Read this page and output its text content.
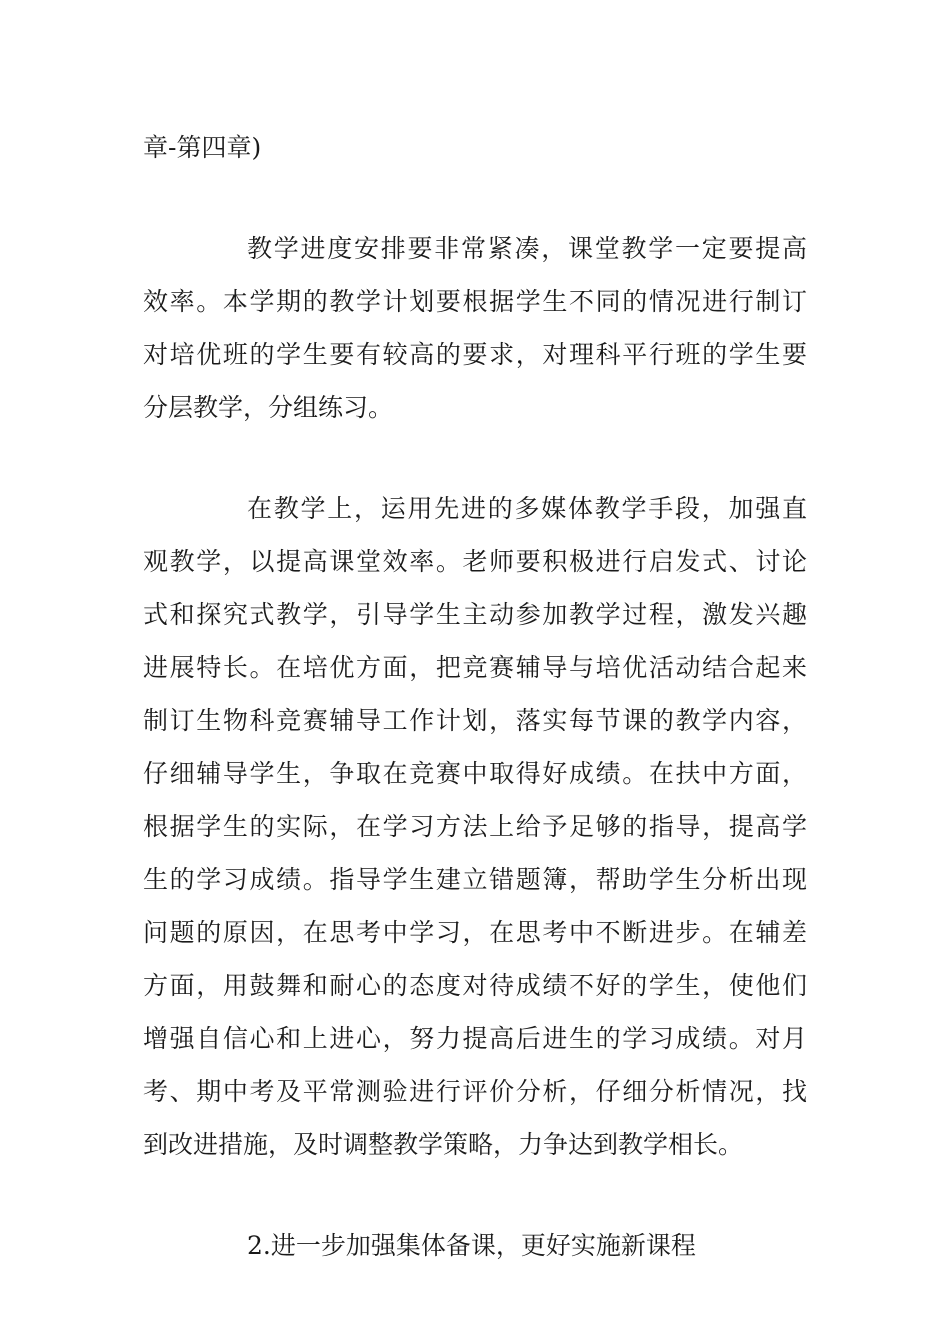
章-第四章)
教学进度安排要非常紧凑，课堂教学一定要提高
效率。本学期的教学计划要根据学生不同的情况进行制订
对培优班的学生要有较高的要求，对理科平行班的学生要
分层教学，分组练习。
在教学上，运用先进的多媒体教学手段，加强直
观教学，以提高课堂效率。老师要积极进行启发式、讨论
式和探究式教学，引导学生主动参加教学过程，激发兴趣
进展特长。在培优方面，把竞赛辅导与培优活动结合起来
制订生物科竞赛辅导工作计划，落实每节课的教学内容，
仔细辅导学生，争取在竞赛中取得好成绩。在扶中方面，
根据学生的实际，在学习方法上给予足够的指导，提高学
生的学习成绩。指导学生建立错题簿，帮助学生分析出现
问题的原因，在思考中学习，在思考中不断进步。在辅差
方面，用鼓舞和耐心的态度对待成绩不好的学生，使他们
增强自信心和上进心，努力提高后进生的学习成绩。对月
考、期中考及平常测验进行评价分析，仔细分析情况，找
到改进措施，及时调整教学策略，力争达到教学相长。
2.进一步加强集体备课，更好实施新课程
